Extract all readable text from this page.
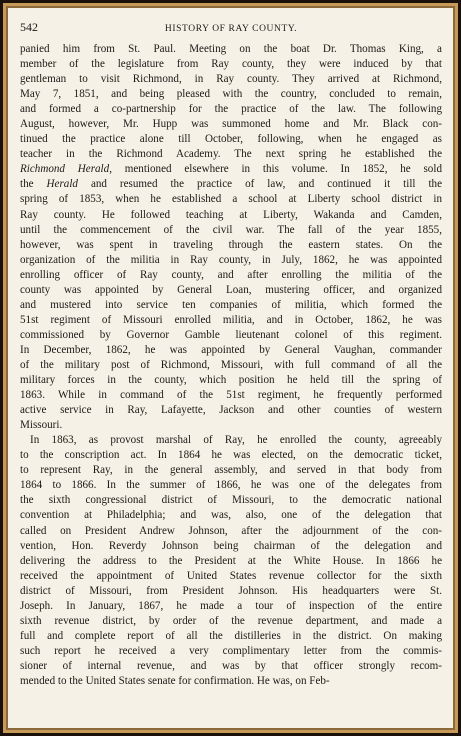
542	HISTORY OF RAY COUNTY.
panied him from St. Paul. Meeting on the boat Dr. Thomas King, a
member of the legislature from Ray county, they were induced by that
gentleman to visit Richmond, in Ray county. They arrived at Richmond,
May 7, 1851, and being pleased with the country, concluded to remain,
and formed a co-partnership for the practice of the law. The following
August, however, Mr. Hupp was summoned home and Mr. Black con-
tinued the practice alone till October, following, when he engaged as
teacher in the Richmond Academy. The next spring he established the
Richmond Herald, mentioned elsewhere in this volume. In 1852, he sold
the Herald and resumed the practice of law, and continued it till the
spring of 1853, when he established a school at Liberty school district in
Ray county. He followed teaching at Liberty, Wakanda and Camden,
until the commencement of the civil war. The fall of the year 1855,
however, was spent in traveling through the eastern states. On the
organization of the militia in Ray county, in July, 1862, he was appointed
enrolling officer of Ray county, and after enrolling the militia of the
county was appointed by General Loan, mustering officer, and organized
and mustered into service ten companies of militia, which formed the
51st regiment of Missouri enrolled militia, and in October, 1862, he was
commissioned by Governor Gamble lieutenant colonel of this regiment.
In December, 1862, he was appointed by General Vaughan, commander
of the military post of Richmond, Missouri, with full command of all the
military forces in the county, which position he held till the spring of
1863. While in command of the 51st regiment, he frequently performed
active service in Ray, Lafayette, Jackson and other counties of western
Missouri.
In 1863, as provost marshal of Ray, he enrolled the county, agreeably
to the conscription act. In 1864 he was elected, on the democratic ticket,
to represent Ray, in the general assembly, and served in that body from
1864 to 1866. In the summer of 1866, he was one of the delegates from
the sixth congressional district of Missouri, to the democratic national
convention at Philadelphia; and was, also, one of the delegation that
called on President Andrew Johnson, after the adjournment of the con-
vention, Hon. Reverdy Johnson being chairman of the delegation and
delivering the address to the President at the White House. In 1866 he
received the appointment of United States revenue collector for the sixth
district of Missouri, from President Johnson. His headquarters were St.
Joseph. In January, 1867, he made a tour of inspection of the entire
sixth revenue district, by order of the revenue department, and made a
full and complete report of all the distilleries in the district. On making
such report he received a very complimentary letter from the commis-
sioner of internal revenue, and was by that officer strongly recom-
mended to the United States senate for confirmation. He was, on Feb-
